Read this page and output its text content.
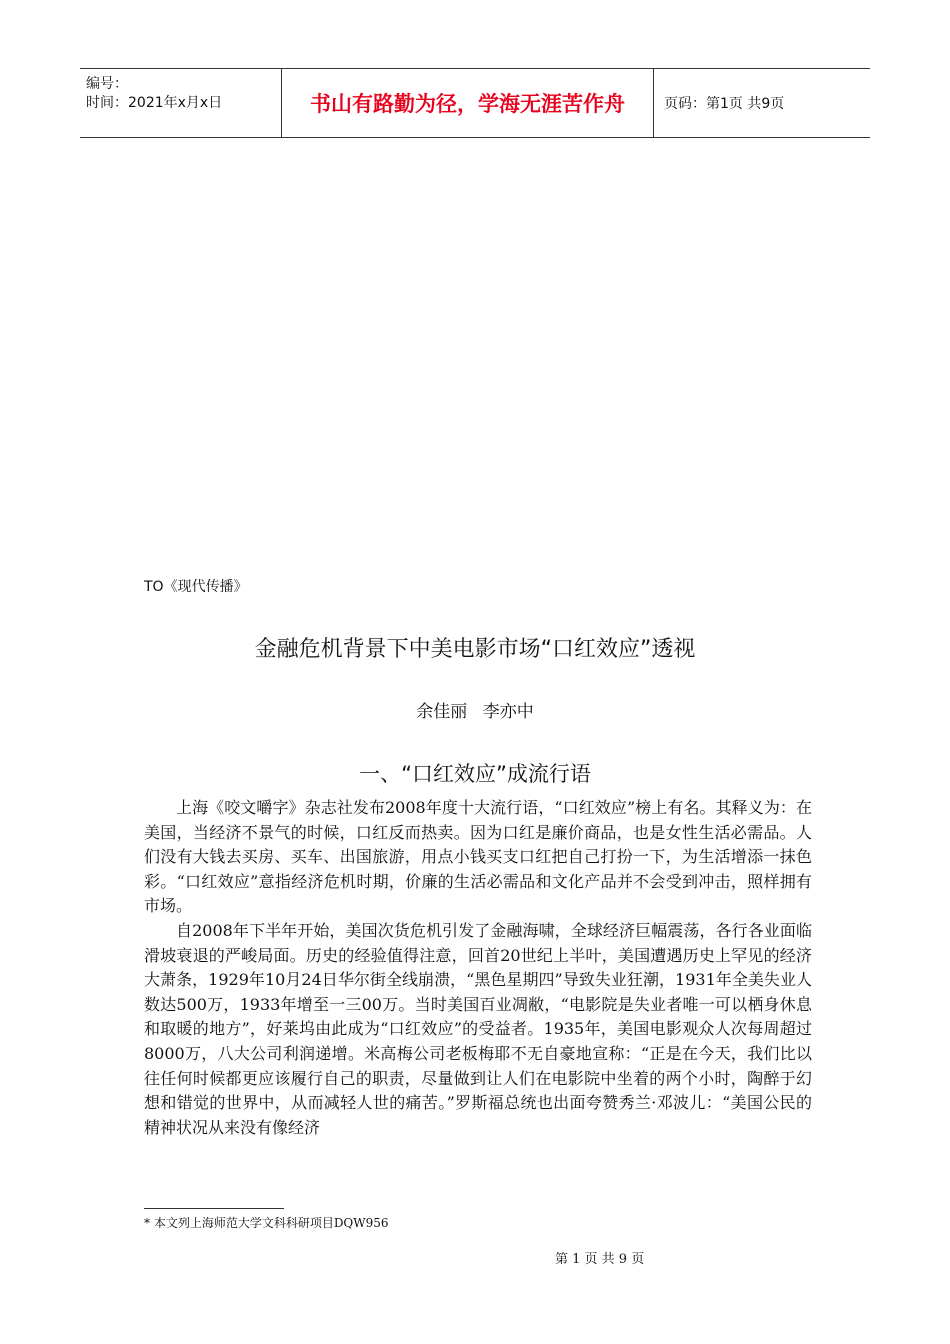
编号：
时间：2021年x月x日	书山有路勤为径，学海无涯苦作舟	页码：第1页 共9页
TO《现代传播》
金融危机背景下中美电影市场“口红效应”透视
余佳丽 李亦中
一、“口红效应”成流行语

上海《咬文嚼字》杂志社发布2008年度十大流行语，“口红效应”榜上有名。其释义为：在美国，当经济不景气的时候，口红反而热卖。因为口红是廉价商品，也是女性生活必需品。人们没有大钱去买房、买车、出国旅游，用点小钱买支口红把自己打扮一下，为生活增添一抹色彩。“口红效应”意指经济危机时期，价廉的生活必需品和文化产品并不会受到冲击，照样拥有市场。

自2008年下半年开始，美国次货危机引发了金融海啸，全球经济巨幅震荡，各行各业面临滑坡衰退的严峻局面。历史的经验值得注意，回首20世纪上半叶，美国遭遇历史上罕见的经济大萧条，1929年10月24日华尔街全线崩溃，“黑色星期四”导致失业狂潮，1931年全美失业人数达500万，1933年增至一三00万。当时美国百业凋敝，“电影院是失业者唯一可以栖身休息和取暖的地方”，好莱坞由此成为“口红效应”的受益者。1935年，美国电影观众人次每周超过8000万，八大公司利润递增。米高梅公司老板梅耶不无自豪地宣称：“正是在今天，我们比以往任何时候都更应该履行自己的职责，尽量做到让人们在电影院中坐着的两个小时，陶醉于幻想和错觉的世界中，从而减轻人世的痛苦。”罗斯福总统也出面夸赞秀兰·邓波儿：“美国公民的精神状况从来没有像经济

* 本文列上海师范大学文科科研项目DQW956
第 1 页 共 9 页
